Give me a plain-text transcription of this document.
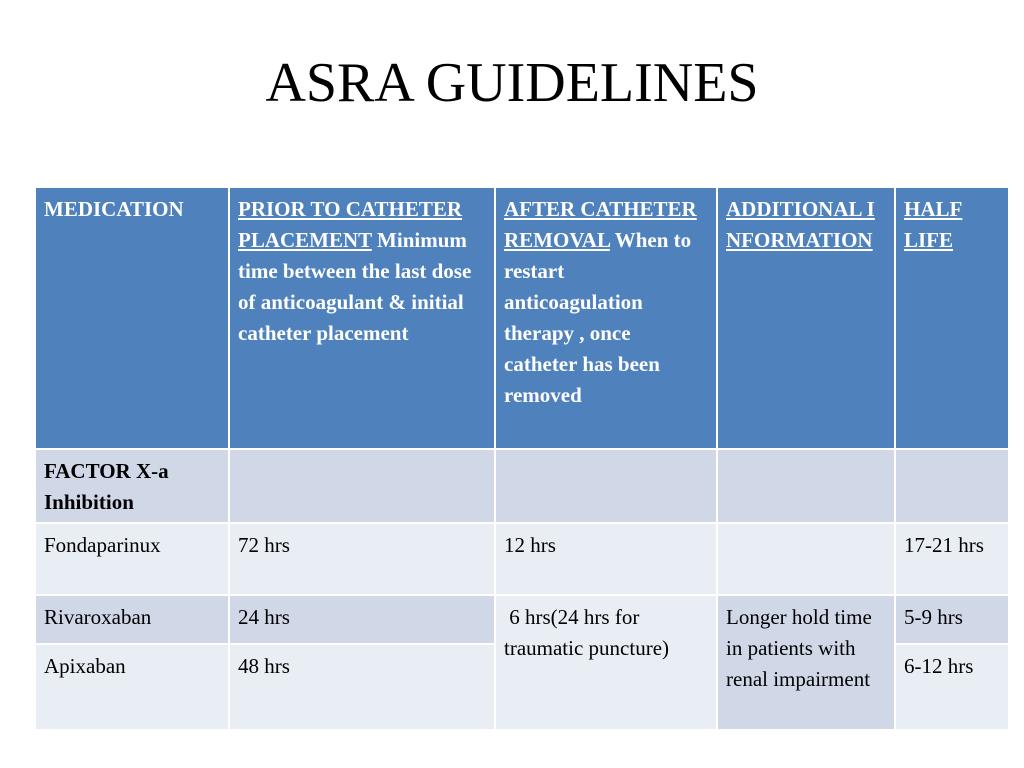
ASRA GUIDELINES
MEDICATION	PRIOR TO CATHETER PLACEMENT Minimum time between the last dose of anticoagulant & initial catheter placement	AFTER CATHETER REMOVAL When to restart anticoagulation therapy , once catheter has been removed	ADDITIONAL INFORMATION	HALF LIFE
FACTOR X-a Inhibition				
Fondaparinux	72 hrs	12 hrs		17-21 hrs
Rivaroxaban	24 hrs	6 hrs(24 hrs for traumatic puncture)	Longer hold time in patients with renal impairment	5-9 hrs
Apixaban	48 hrs			6-12 hrs
